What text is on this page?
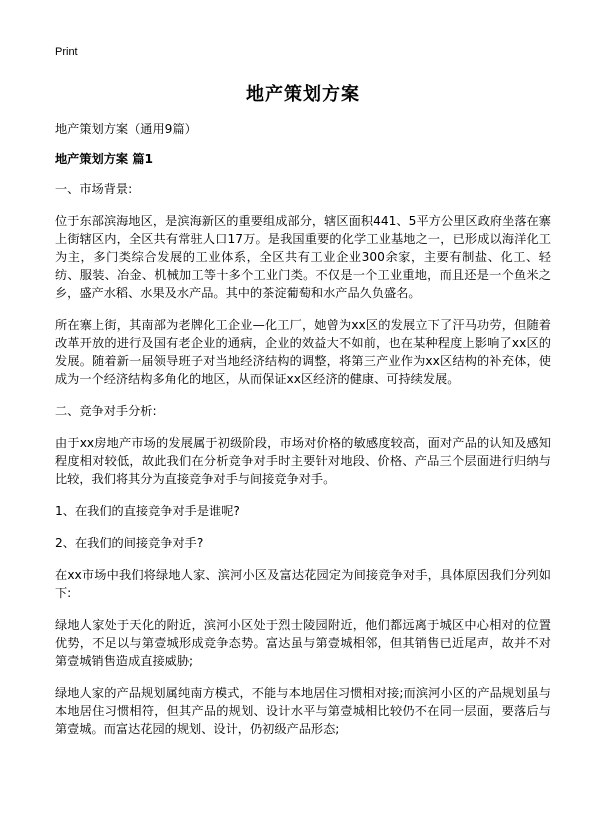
Print
地产策划方案

地产策划方案（通用9篇）

地产策划方案 篇1

一、市场背景:

位于东部滨海地区，是滨海新区的重要组成部分，辖区面积441、5平方公里区政府坐落在寨上街辖区内，全区共有常驻人口17万。是我国重要的化学工业基地之一，已形成以海洋化工为主，多门类综合发展的工业体系，全区共有工业企业300余家，主要有制盐、化工、轻纺、服装、冶金、机械加工等十多个工业门类。不仅是一个工业重地，而且还是一个鱼米之乡，盛产水稻、水果及水产品。其中的茶淀葡萄和水产品久负盛名。

所在寨上街，其南部为老牌化工企业—化工厂，她曾为xx区的发展立下了汗马功劳，但随着改革开放的进行及国有老企业的通病，企业的效益大不如前，也在某种程度上影响了xx区的发展。随着新一届领导班子对当地经济结构的调整，将第三产业作为xx区结构的补充体，使成为一个经济结构多角化的地区，从而保证xx区经济的健康、可持续发展。

二、竞争对手分析:

由于xx房地产市场的发展属于初级阶段，市场对价格的敏感度较高，面对产品的认知及感知程度相对较低，故此我们在分析竞争对手时主要针对地段、价格、产品三个层面进行归纳与比较，我们将其分为直接竞争对手与间接竞争对手。

1、在我们的直接竞争对手是谁呢?

2、在我们的间接竞争对手?

在xx市场中我们将绿地人家、滨河小区及富达花园定为间接竞争对手，具体原因我们分列如下:

绿地人家处于天化的附近，滨河小区处于烈士陵园附近，他们都远离于城区中心相对的位置优势，不足以与第壹城形成竞争态势。富达虽与第壹城相邻，但其销售已近尾声，故并不对第壹城销售造成直接威胁;

绿地人家的产品规划属纯南方模式，不能与本地居住习惯相对接;而滨河小区的产品规划虽与本地居住习惯相符，但其产品的规划、设计水平与第壹城相比较仍不在同一层面，要落后与第壹城。而富达花园的规划、设计，仍初级产品形态;
